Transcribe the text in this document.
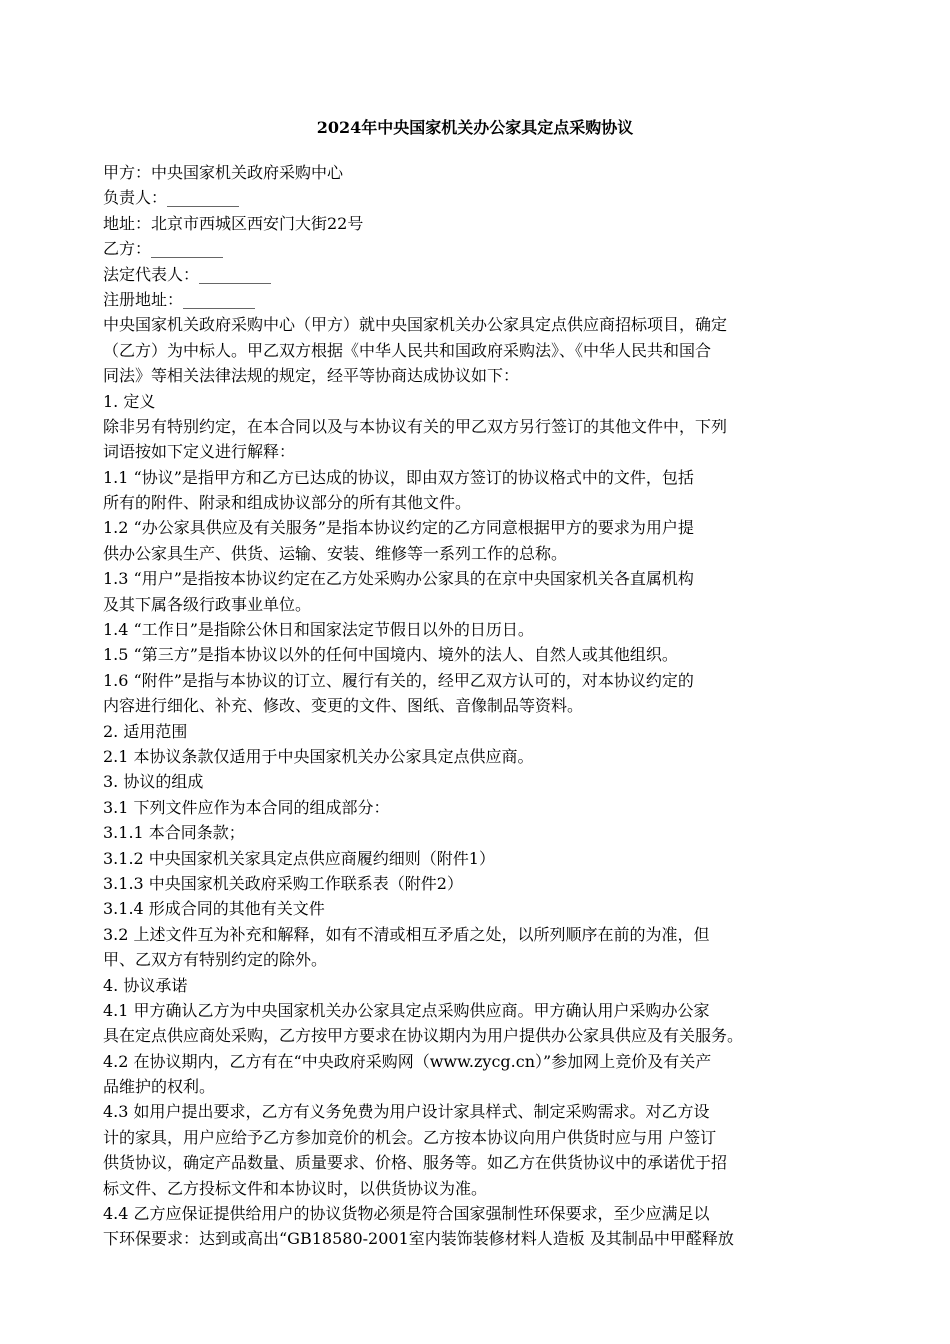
2024年中央国家机关办公家具定点采购协议
甲方：中央国家机关政府采购中心
负责人：_________
地址：北京市西城区西安门大街22号
乙方：_________
法定代表人：_________
注册地址：_________
中央国家机关政府采购中心（甲方）就中央国家机关办公家具定点供应商招标项目，确定
（乙方）为中标人。甲乙双方根据《中华人民共和国政府采购法》、《中华人民共和国合
同法》等相关法律法规的规定，经平等协商达成协议如下：
1. 定义
除非另有特别约定，在本合同以及与本协议有关的甲乙双方另行签订的其他文件中，下列
词语按如下定义进行解释：
1.1 “协议”是指甲方和乙方已达成的协议，即由双方签订的协议格式中的文件，包括
所有的附件、附录和组成协议部分的所有其他文件。
1.2 “办公家具供应及有关服务”是指本协议约定的乙方同意根据甲方的要求为用户提
供办公家具生产、供货、运输、安装、维修等一系列工作的总称。
1.3 “用户”是指按本协议约定在乙方处采购办公家具的在京中央国家机关各直属机构
及其下属各级行政事业单位。
1.4 “工作日”是指除公休日和国家法定节假日以外的日历日。
1.5 “第三方”是指本协议以外的任何中国境内、境外的法人、自然人或其他组织。
1.6 “附件”是指与本协议的订立、履行有关的，经甲乙双方认可的，对本协议约定的
内容进行细化、补充、修改、变更的文件、图纸、音像制品等资料。
2. 适用范围
2.1 本协议条款仅适用于中央国家机关办公家具定点供应商。
3. 协议的组成
3.1 下列文件应作为本合同的组成部分：
3.1.1 本合同条款；
3.1.2 中央国家机关家具定点供应商履约细则（附件1）
3.1.3 中央国家机关政府采购工作联系表（附件2）
3.1.4 形成合同的其他有关文件
3.2 上述文件互为补充和解释，如有不清或相互矛盾之处，以所列顺序在前的为准，但
甲、乙双方有特别约定的除外。
4. 协议承诺
4.1 甲方确认乙方为中央国家机关办公家具定点采购供应商。甲方确认用户采购办公家
具在定点供应商处采购，乙方按甲方要求在协议期内为用户提供办公家具供应及有关服务。
4.2 在协议期内，乙方有在“中央政府采购网（www.zycg.cn）”参加网上竞价及有关产
品维护的权利。
4.3 如用户提出要求，乙方有义务免费为用户设计家具样式、制定采购需求。对乙方设
计的家具，用户应给予乙方参加竞价的机会。乙方按本协议向用户供货时应与用 户签订
供货协议，确定产品数量、质量要求、价格、服务等。如乙方在供货协议中的承诺优于招
标文件、乙方投标文件和本协议时，以供货协议为准。
4.4 乙方应保证提供给用户的协议货物必须是符合国家强制性环保要求，至少应满足以
下环保要求：达到或高出“GB18580-2001室内装饰装修材料人造板 及其制品中甲醛释放
